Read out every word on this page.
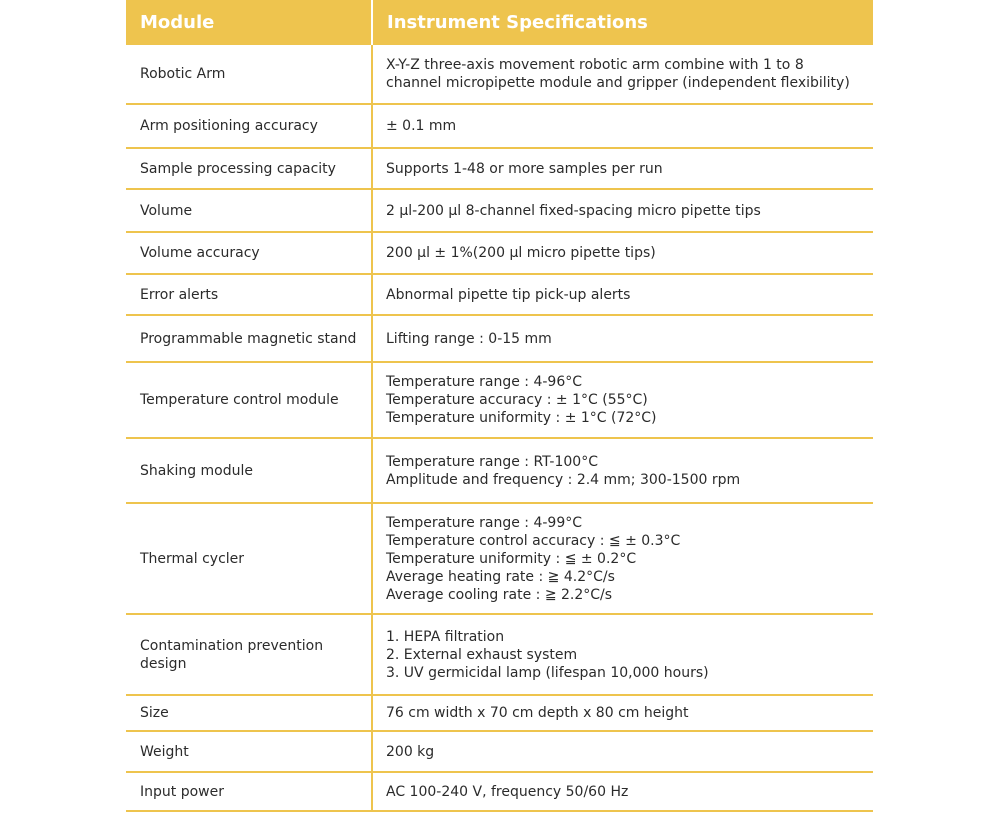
Module	Instrument Specifications
Robotic Arm	X-Y-Z three-axis movement robotic arm combine with 1 to 8
channel micropipette module and gripper (independent flexibility)

Arm positioning accuracy	± 0.1 mm

Sample processing capacity	Supports 1-48 or more samples per run

Volume	2 μl-200 μl 8-channel fixed-spacing micro pipette tips

Volume accuracy	200 μl ± 1%(200 μl micro pipette tips)

Error alerts	Abnormal pipette tip pick-up alerts

Programmable magnetic stand	Lifting range : 0-15 mm

Temperature control module	Temperature range : 4-96°C
Temperature accuracy : ± 1°C (55°C)
Temperature uniformity : ± 1°C (72°C)

Shaking module	Temperature range : RT-100°C
Amplitude and frequency : 2.4 mm; 300-1500 rpm

Thermal cycler	Temperature range : 4-99°C
Temperature control accuracy : ≦ ± 0.3°C
Temperature uniformity : ≦ ± 0.2°C
Average heating rate : ≧ 4.2°C/s
Average cooling rate : ≧ 2.2°C/s

Contamination prevention design	1. HEPA filtration
2. External exhaust system
3. UV germicidal lamp (lifespan 10,000 hours)

Size	76 cm width x 70 cm depth x 80 cm height

Weight	200 kg

Input power	AC 100-240 V, frequency 50/60 Hz
